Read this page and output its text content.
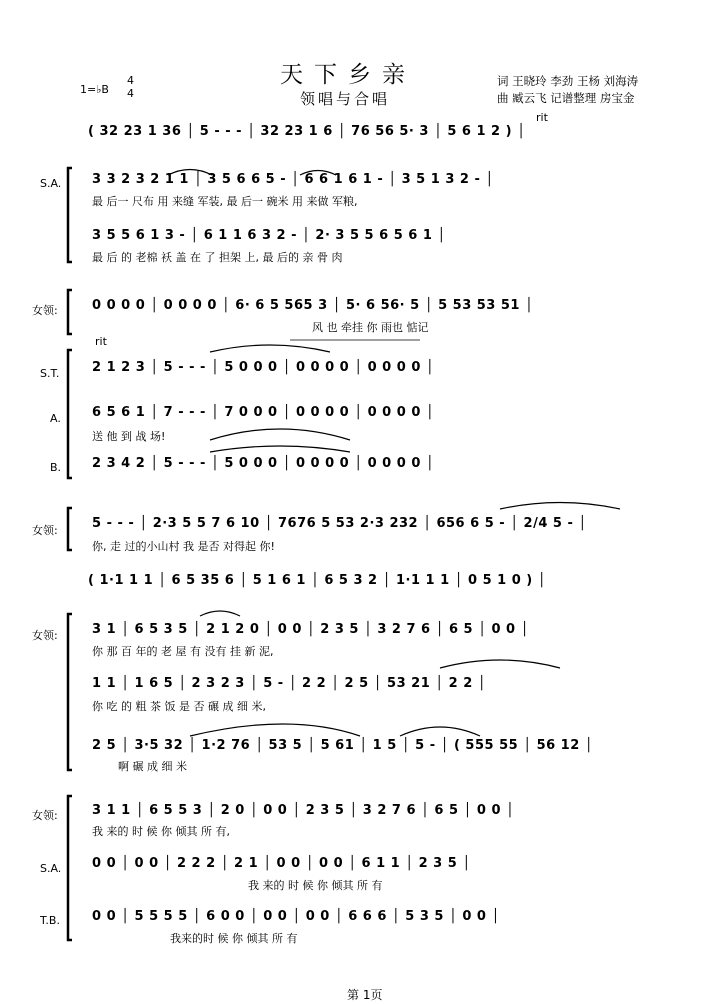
天下乡亲
领唱与合唱
词 王晓玲 李劲 王杨 刘海涛
曲 臧云飞 记谱整理 房宝金
1=♭B
4
4
( 32 23 1 36 │ 5 - - - │ 32 23 1 6 │ 76 56 5· 3 │ 5 6 1 2 ) │
rit
S.A. 3 3 2 3 2 1 1 │ 3 5 6 6 5 - │ 6 6 1 6 1 - │ 3 5 1 3 2 - │
最 后一 尺布 用 来缝 军装, 最 后一 碗米 用 来做 军粮,
3 5 5 6 1 3 - │ 6 1 1 6 3 2 - │ 2· 3 5 5 6 5 6 1 │
最 后 的 老棉 袄 盖 在 了 担架 上, 最 后的 亲 骨 肉
女领:	0 0 0 0 │ 0 0 0 0 │ 6· 6 5 565 3 │ 5· 6 56· 5 │ 5 53 53 51 │
风 也 牵挂 你 雨也 惦记
rit
S.T.	2 1 2 3 │ 5 - - - │ 5 0 0 0 │ 0 0 0 0 │ 0 0 0 0 │
A. 6 5 6 1 │ 7 - - - │ 7 0 0 0 │ 0 0 0 0 │ 0 0 0 0 │
送 他 到 战 场!
B. 2 3 4 2 │ 5 - - - │ 5 0 0 0 │ 0 0 0 0 │ 0 0 0 0 │
女领:	5 - - - │ 2·3 5 5 7 6 10 │ 7676 5 53 2·3 232 │ 656 6 5 - │ 2/4 5 - │
你, 走 过的小山村 我 是否 对得起 你!
( 1·1 1 1 │ 6 5 35 6 │ 5 1 6 1 │ 6 5 3 2 │ 1·1 1 1 │ 0 5 1 0 ) │
女领:	3 1 │ 6 5 3 5 │ 2 1 2 0 │ 0 0 │ 2 3 5 │ 3 2 7 6 │ 6 5 │ 0 0 │
你 那 百 年的 老 屋 有 没有 挂 新 泥,
1 1 │ 1 6 5 │ 2 3 2 3 │ 5 - │ 2 2 │ 2 5 │ 53 21 │ 2 2 │
你 吃 的 粗 茶 饭 是 否 碾 成 细 米,
2 5 │ 3·5 32 │ 1·2 76 │ 53 5 │ 5 61 │ 1 5 │ 5 - │ ( 555 55 │ 56 12 │
啊 碾 成 细 米
女领:	3 1 1 │ 6 5 5 3 │ 2 0 │ 0 0 │ 2 3 5 │ 3 2 7 6 │ 6 5 │ 0 0 │
我 来的 时 候 你 倾其 所 有,
S.A. 0 0 │ 0 0 │ 2 2 2 │ 2 1 │ 0 0 │ 0 0 │ 6 1 1 │ 2 3 5 │
我 来的 时 候 你 倾其 所 有
T.B. 0 0 │ 5 5 5 5 │ 6 0 0 │ 0 0 │ 0 0 │ 6 6 6 │ 5 3 5 │ 0 0 │
我来的时 候 你 倾其 所 有
第 1页
